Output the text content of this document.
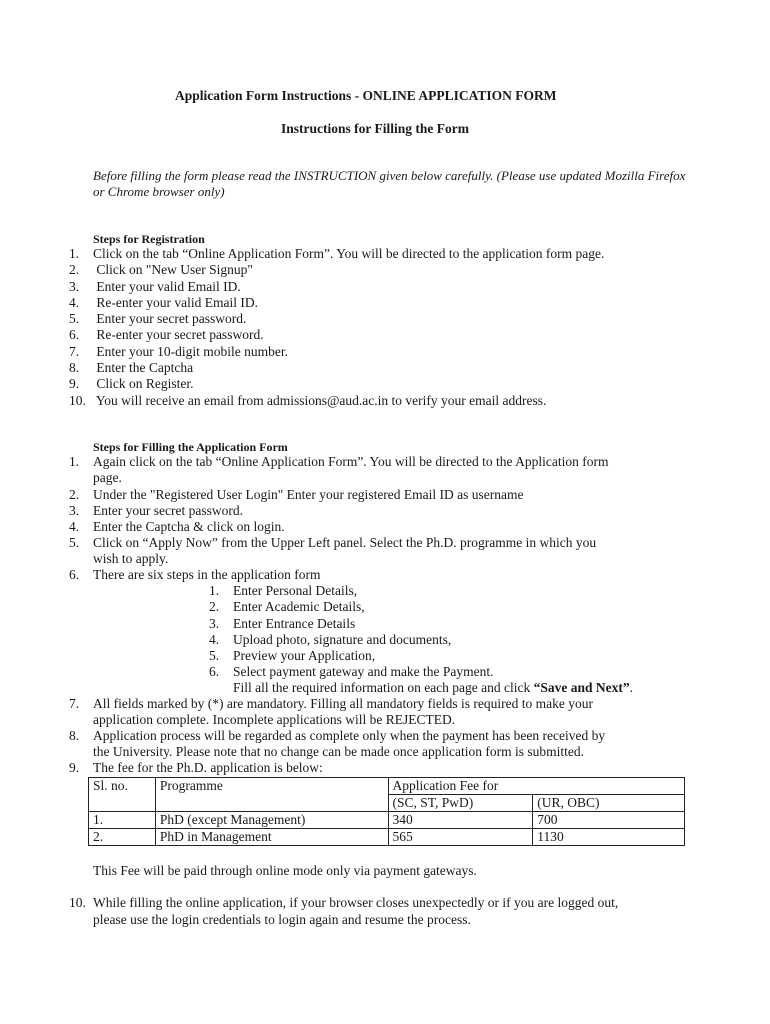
Application Form Instructions - ONLINE APPLICATION FORM
Instructions for Filling the Form
Before filling the form please read the INSTRUCTION given below carefully. (Please use updated Mozilla Firefox or Chrome browser only)
Steps for Registration
1. Click on the tab “Online Application Form”. You will be directed to the application form page.
2. Click on "New User Signup"
3. Enter your valid Email ID.
4. Re-enter your valid Email ID.
5. Enter your secret password.
6. Re-enter your secret password.
7. Enter your 10-digit mobile number.
8. Enter the Captcha
9. Click on Register.
10. You will receive an email from admissions@aud.ac.in to verify your email address.
Steps for Filling the Application Form
1. Again click on the tab “Online Application Form”. You will be directed to the Application form
page.
2. Under the "Registered User Login" Enter your registered Email ID as username
3. Enter your secret password.
4. Enter the Captcha & click on login.
5. Click on “Apply Now” from the Upper Left panel. Select the Ph.D. programme in which you
wish to apply.
6. There are six steps in the application form
1. Enter Personal Details,
2. Enter Academic Details,
3. Enter Entrance Details
4. Upload photo, signature and documents,
5. Preview your Application,
6. Select payment gateway and make the Payment.
Fill all the required information on each page and click “Save and Next”.
7. All fields marked by (*) are mandatory. Filling all mandatory fields is required to make your
application complete. Incomplete applications will be REJECTED.
8. Application process will be regarded as complete only when the payment has been received by
the University. Please note that no change can be made once application form is submitted.
9. The fee for the Ph.D. application is below:
Sl. no.	Programme	Application Fee for	
		(SC, ST, PwD)	(UR, OBC)
1.	PhD (except Management)	340	700
2.	PhD in Management	565	1130
This Fee will be paid through online mode only via payment gateways.
10. While filling the online application, if your browser closes unexpectedly or if you are logged out,
please use the login credentials to login again and resume the process.
